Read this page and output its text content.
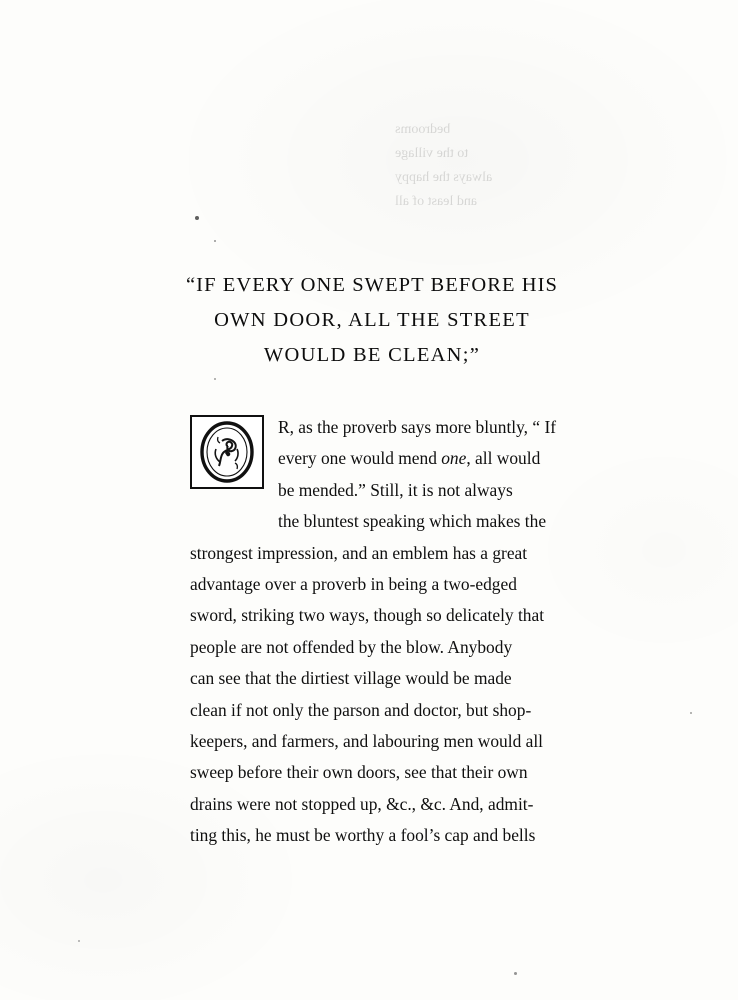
bedrooms
to the village
always the happy
and least of all
“IF EVERY ONE SWEPT BEFORE HIS
OWN DOOR, ALL THE STREET
WOULD BE CLEAN;”

R, as the proverb says more bluntly, “ If
every one would mend one, all would
be mended.” Still, it is not always
the bluntest speaking which makes the
strongest impression, and an emblem has a great
advantage over a proverb in being a two-edged
sword, striking two ways, though so delicately that
people are not offended by the blow. Anybody
can see that the dirtiest village would be made
clean if not only the parson and doctor, but shop-
keepers, and farmers, and labouring men would all
sweep before their own doors, see that their own
drains were not stopped up, &c., &c. And, admit-
ting this, he must be worthy a fool’s cap and bells
